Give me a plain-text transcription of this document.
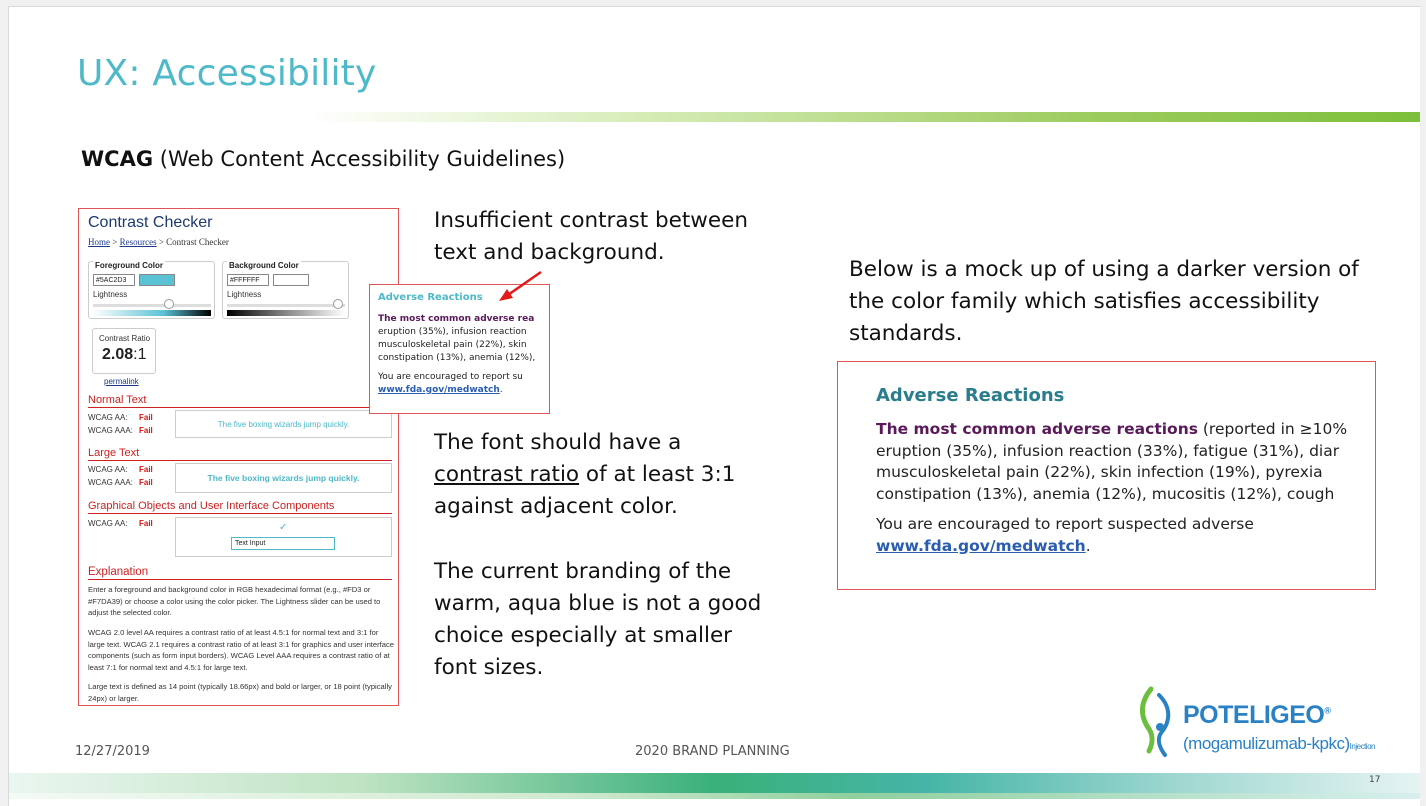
UX: Accessibility
WCAG (Web Content Accessibility Guidelines)
Contrast Checker
Home > Resources > Contrast Checker
Foreground Color
#5AC2D3
Lightness
Background Color
#FFFFFF
Lightness
Contrast Ratio
2.08:1
permalink
Normal Text
WCAG AA: Fail
WCAG AAA: Fail
The five boxing wizards jump quickly.
Large Text
WCAG AA: Fail
WCAG AAA: Fail	The five boxing wizards jump quickly.
Graphical Objects and User Interface Components
WCAG AA: Fail	✓
Text Input
Explanation
Enter a foreground and background color in RGB hexadecimal format (e.g., #FD3 or #F7DA39) or choose a color using the color picker. The Lightness slider can be used to adjust the selected color.
WCAG 2.0 level AA requires a contrast ratio of at least 4.5:1 for normal text and 3:1 for large text. WCAG 2.1 requires a contrast ratio of at least 3:1 for graphics and user interface components (such as form input borders). WCAG Level AAA requires a contrast ratio of at least 7:1 for normal text and 4.5:1 for large text.
Large text is defined as 14 point (typically 18.66px) and bold or larger, or 18 point (typically 24px) or larger.
Adverse Reactions
The most common adverse rea
eruption (35%), infusion reaction
musculoskeletal pain (22%), skin
constipation (13%), anemia (12%),
You are encouraged to report su
www.fda.gov/medwatch.
Insufficient contrast between
text and background.
The font should have a
contrast ratio of at least 3:1
against adjacent color.
The current branding of the
warm, aqua blue is not a good
choice especially at smaller
font sizes.
Below is a mock up of using a darker version of
the color family which satisfies accessibility
standards.
Adverse Reactions
The most common adverse reactions (reported in ≥10%
eruption (35%), infusion reaction (33%), fatigue (31%), diar
musculoskeletal pain (22%), skin infection (19%), pyrexia
constipation (13%), anemia (12%), mucositis (12%), cough
You are encouraged to report suspected adverse
www.fda.gov/medwatch.
POTELIGEO®
(mogamulizumab-kpkc)Injection
12/27/2019	2020 BRAND PLANNING
17
